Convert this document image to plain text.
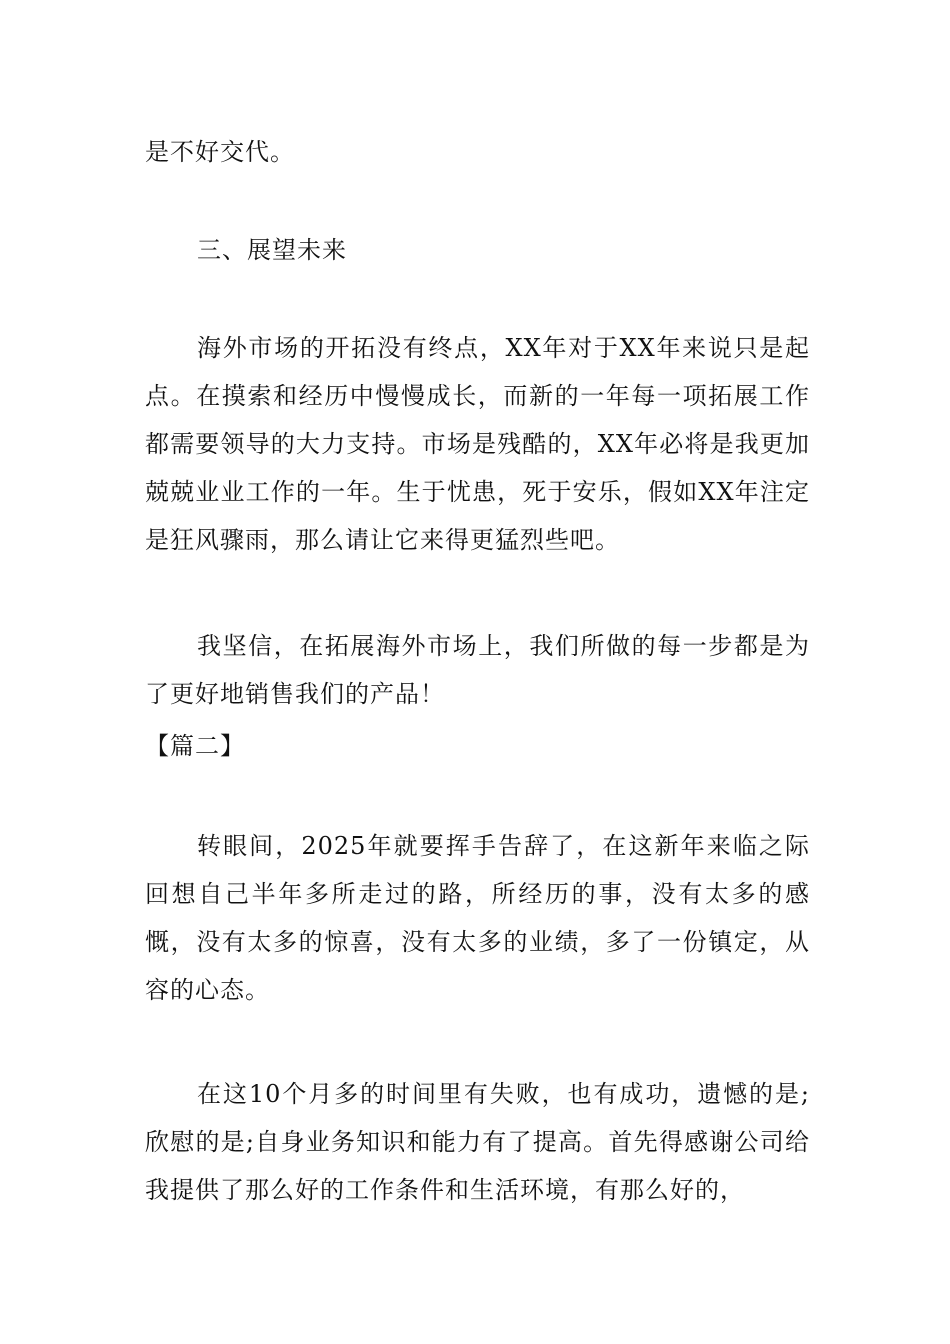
是不好交代。

三、展望未来

海外市场的开拓没有终点，XX年对于XX年来说只是起点。在摸索和经历中慢慢成长，而新的一年每一项拓展工作都需要领导的大力支持。市场是残酷的，XX年必将是我更加兢兢业业工作的一年。生于忧患，死于安乐，假如XX年注定是狂风骤雨，那么请让它来得更猛烈些吧。

我坚信，在拓展海外市场上，我们所做的每一步都是为了更好地销售我们的产品！

【篇二】

转眼间，2025年就要挥手告辞了，在这新年来临之际回想自己半年多所走过的路，所经历的事，没有太多的感慨，没有太多的惊喜，没有太多的业绩，多了一份镇定，从容的心态。

在这10个月多的时间里有失败，也有成功，遗憾的是;欣慰的是;自身业务知识和能力有了提高。首先得感谢公司给我提供了那么好的工作条件和生活环境，有那么好的，
